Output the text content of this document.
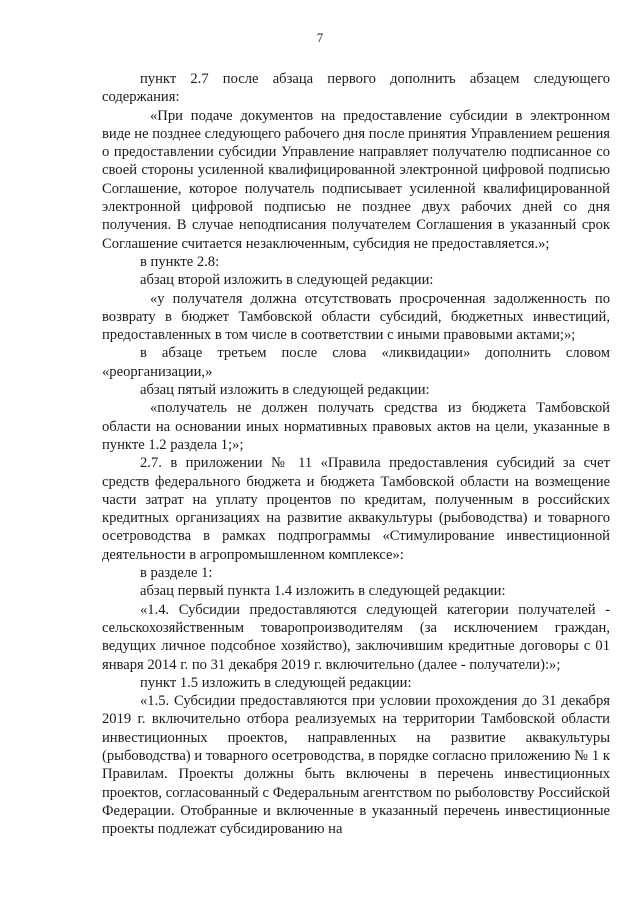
7

пункт 2.7 после абзаца первого дополнить абзацем следующего содержания:

«При подаче документов на предоставление субсидии в электронном виде не позднее следующего рабочего дня после принятия Управлением решения о предоставлении субсидии Управление направляет получателю подписанное со своей стороны усиленной квалифицированной электронной цифровой подписью Соглашение, которое получатель подписывает усиленной квалифицированной электронной цифровой подписью не позднее двух рабочих дней со дня получения. В случае неподписания получателем Соглашения в указанный срок Соглашение считается незаключенным, субсидия не предоставляется.»;

в пункте 2.8:

абзац второй изложить в следующей редакции:

«у получателя должна отсутствовать просроченная задолженность по возврату в бюджет Тамбовской области субсидий, бюджетных инвестиций, предоставленных в том числе в соответствии с иными правовыми актами;»;

в абзаце третьем после слова «ликвидации» дополнить словом «реорганизации,»

абзац пятый изложить в следующей редакции:

«получатель не должен получать средства из бюджета Тамбовской области на основании иных нормативных правовых актов на цели, указанные в пункте 1.2 раздела 1;»;

2.7. в приложении № 11 «Правила предоставления субсидий за счет средств федерального бюджета и бюджета Тамбовской области на возмещение части затрат на уплату процентов по кредитам, полученным в российских кредитных организациях на развитие аквакультуры (рыбоводства) и товарного осетроводства в рамках подпрограммы «Стимулирование инвестиционной деятельности в агропромышленном комплексе»:

в разделе 1:

абзац первый пункта 1.4 изложить в следующей редакции:

«1.4. Субсидии предоставляются следующей категории получателей - сельскохозяйственным товаропроизводителям (за исключением граждан, ведущих личное подсобное хозяйство), заключившим кредитные договоры с 01 января 2014 г. по 31 декабря 2019 г. включительно (далее - получатели):»;

пункт 1.5 изложить в следующей редакции:

«1.5. Субсидии предоставляются при условии прохождения до 31 декабря 2019 г. включительно отбора реализуемых на территории Тамбовской области инвестиционных проектов, направленных на развитие аквакультуры (рыбоводства) и товарного осетроводства, в порядке согласно приложению № 1 к Правилам. Проекты должны быть включены в перечень инвестиционных проектов, согласованный с Федеральным агентством по рыболовству Российской Федерации. Отобранные и включенные в указанный перечень инвестиционные проекты подлежат субсидированию на
